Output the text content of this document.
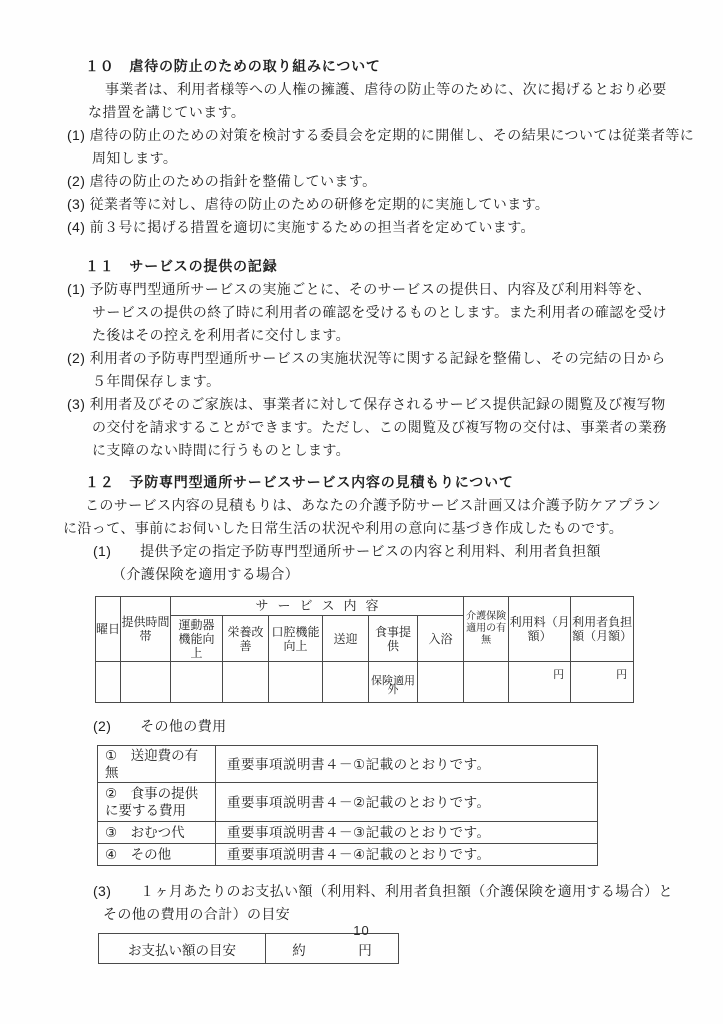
１０　虐待の防止のための取り組みについて
事業者は、利用者様等への人権の擁護、虐待の防止等のために、次に掲げるとおり必要
な措置を講じています。
(1) 虐待の防止のための対策を検討する委員会を定期的に開催し、その結果については従業者等に
周知します。
(2) 虐待の防止のための指針を整備しています。
(3) 従業者等に対し、虐待の防止のための研修を定期的に実施しています。
(4) 前３号に掲げる措置を適切に実施するための担当者を定めています。
１１　サービスの提供の記録
(1) 予防専門型通所サービスの実施ごとに、そのサービスの提供日、内容及び利用料等を、
サービスの提供の終了時に利用者の確認を受けるものとします。また利用者の確認を受け
た後はその控えを利用者に交付します。
(2) 利用者の予防専門型通所サービスの実施状況等に関する記録を整備し、その完結の日から
５年間保存します。
(3) 利用者及びそのご家族は、事業者に対して保存されるサービス提供記録の閲覧及び複写物
の交付を請求することができます。ただし、この閲覧及び複写物の交付は、事業者の業務
に支障のない時間に行うものとします。
１２　予防専門型通所サービスサービス内容の見積もりについて
このサービス内容の見積もりは、あなたの介護予防サービス計画又は介護予防ケアプラン
に沿って、事前にお伺いした日常生活の状況や利用の意向に基づき作成したものです。
(1)　　提供予定の指定予防専門型通所サービスの内容と利用料、利用者負担額
（介護保険を適用する場合）
曜日	提供時間帯	サービス内容						介護保険適用の有無	利用料（月額）	利用者負担額（月額）
		運動器機能向上	栄養改善	口腔機能向上	送迎	食事提供	入浴			
						保険適用外			円	円
(2)　　その他の費用
①　送迎費の有無	重要事項説明書４－①記載のとおりです。
②　食事の提供に要する費用	重要事項説明書４－②記載のとおりです。
③　おむつ代	重要事項説明書４－③記載のとおりです。
④　その他	重要事項説明書４－④記載のとおりです。
(3)　　１ヶ月あたりのお支払い額（利用料、利用者負担額（介護保険を適用する場合）と
その他の費用の合計）の目安
お支払い額の目安	約	円
10
